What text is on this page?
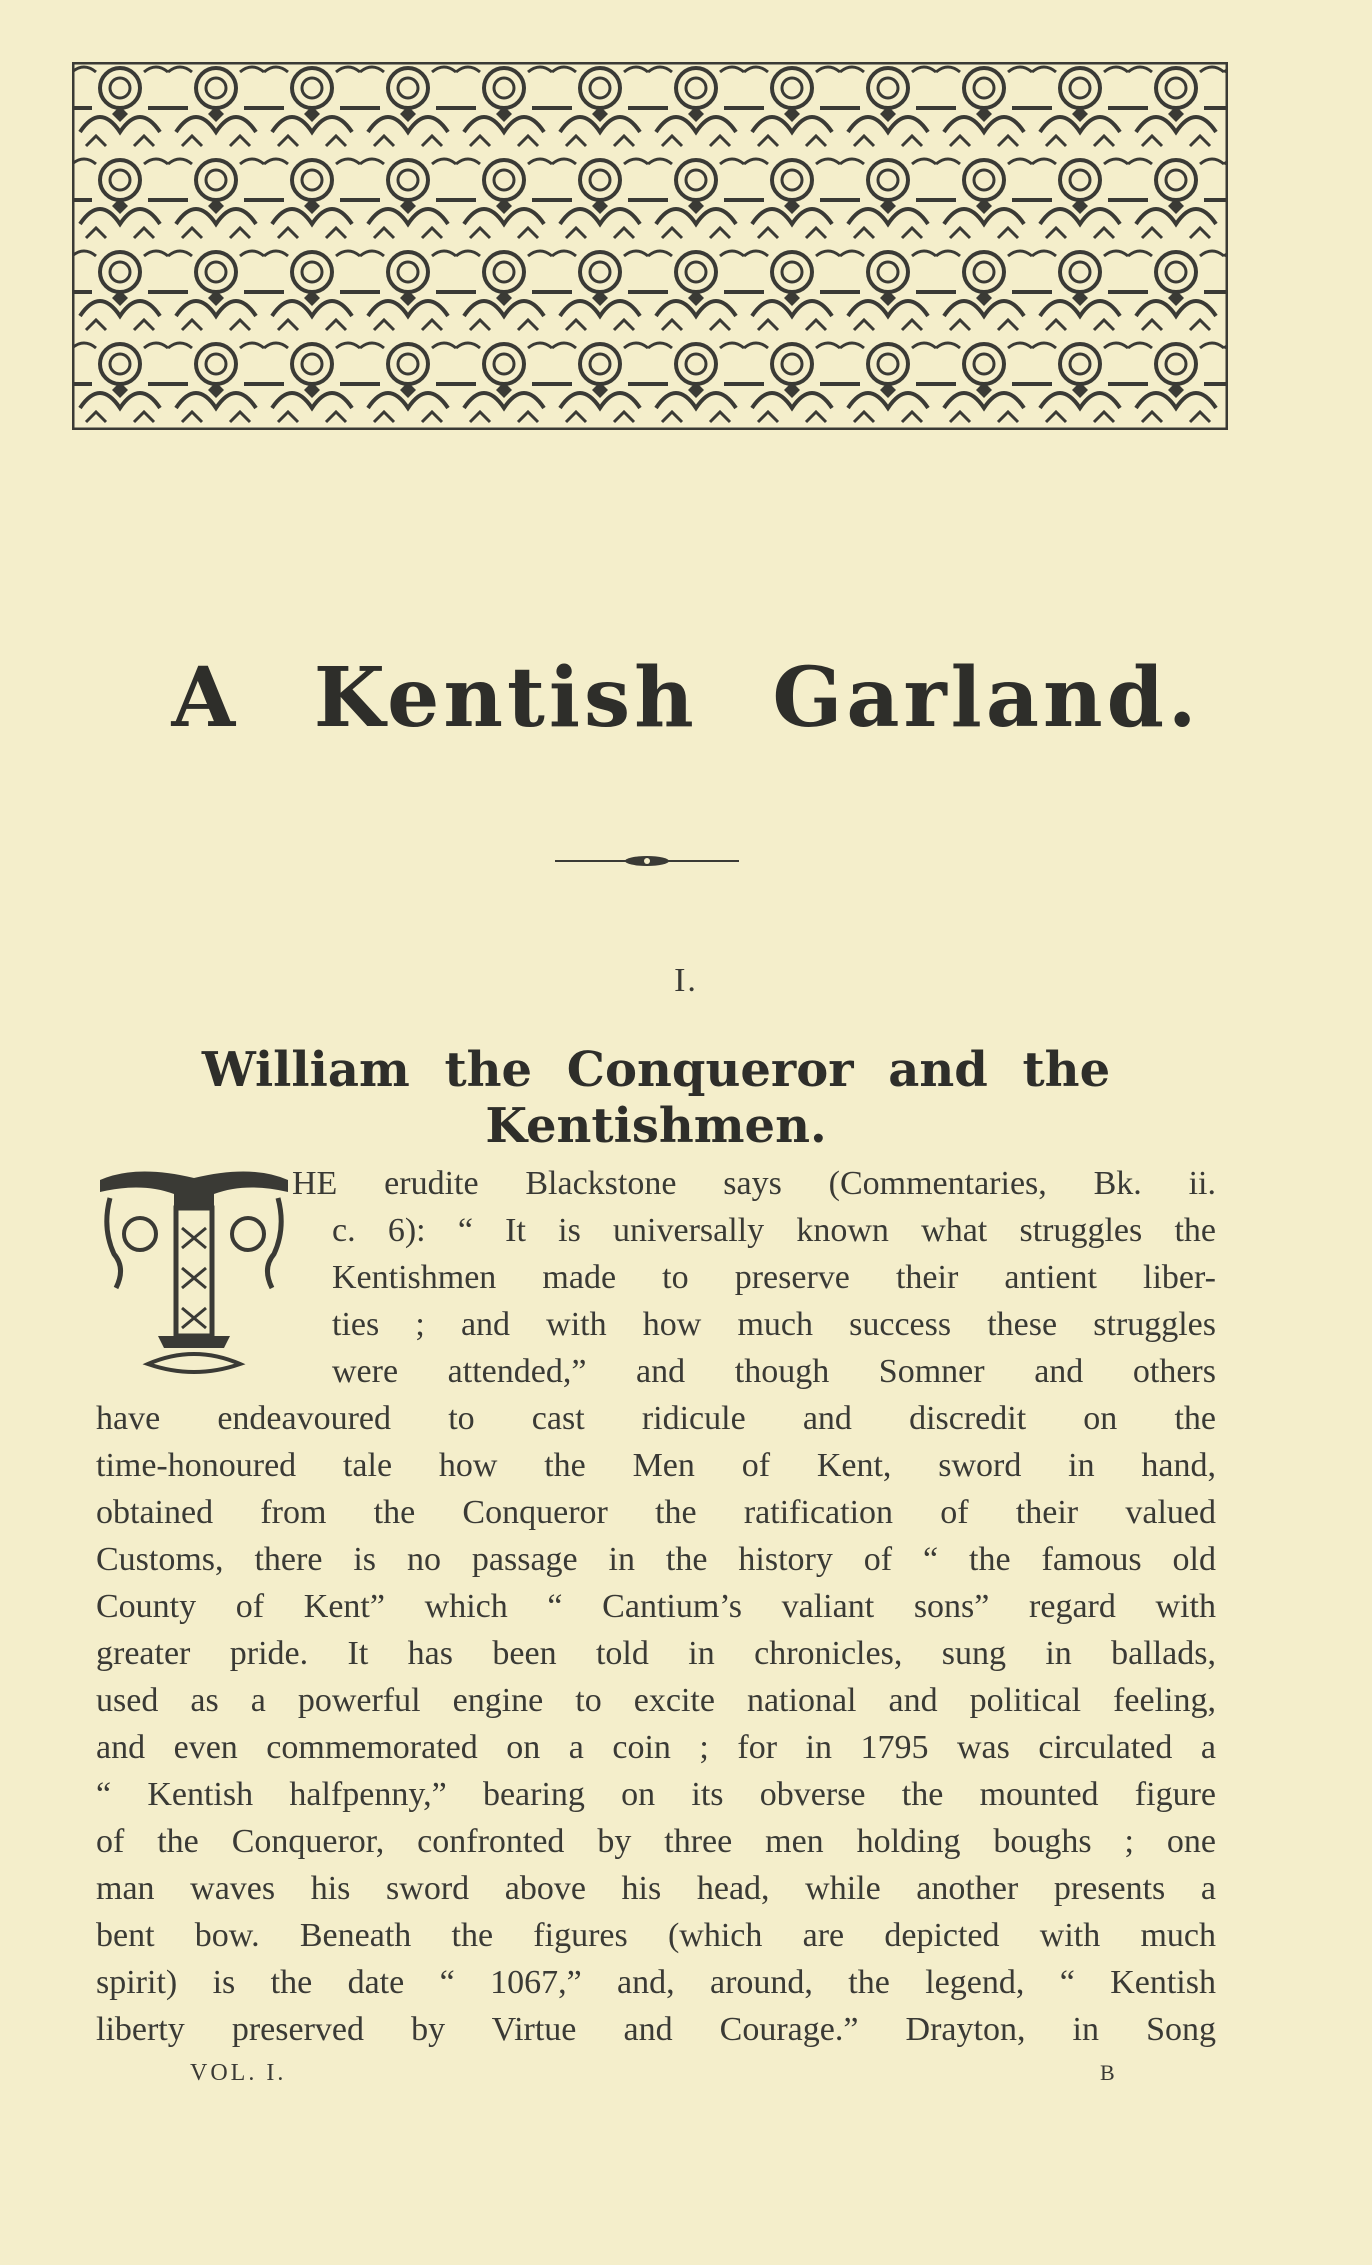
A Kentish Garland.
I.
William the Conqueror and the Kentishmen.
HE erudite Blackstone says (Commentaries, Bk. ii.
c. 6): “ It is universally known what struggles the
Kentishmen made to preserve their antient liber-
ties ; and with how much success these struggles
were attended,” and though Somner and others
have endeavoured to cast ridicule and discredit on the
time-honoured tale how the Men of Kent, sword in hand,
obtained from the Conqueror the ratification of their valued
Customs, there is no passage in the history of “ the famous old
County of Kent” which “ Cantium’s valiant sons” regard with
greater pride. It has been told in chronicles, sung in ballads,
used as a powerful engine to excite national and political feeling,
and even commemorated on a coin ; for in 1795 was circulated a
“ Kentish halfpenny,” bearing on its obverse the mounted figure
of the Conqueror, confronted by three men holding boughs ; one
man waves his sword above his head, while another presents a
bent bow. Beneath the figures (which are depicted with much
spirit) is the date “ 1067,” and, around, the legend, “ Kentish
liberty preserved by Virtue and Courage.” Drayton, in Song
VOL. I.	B
